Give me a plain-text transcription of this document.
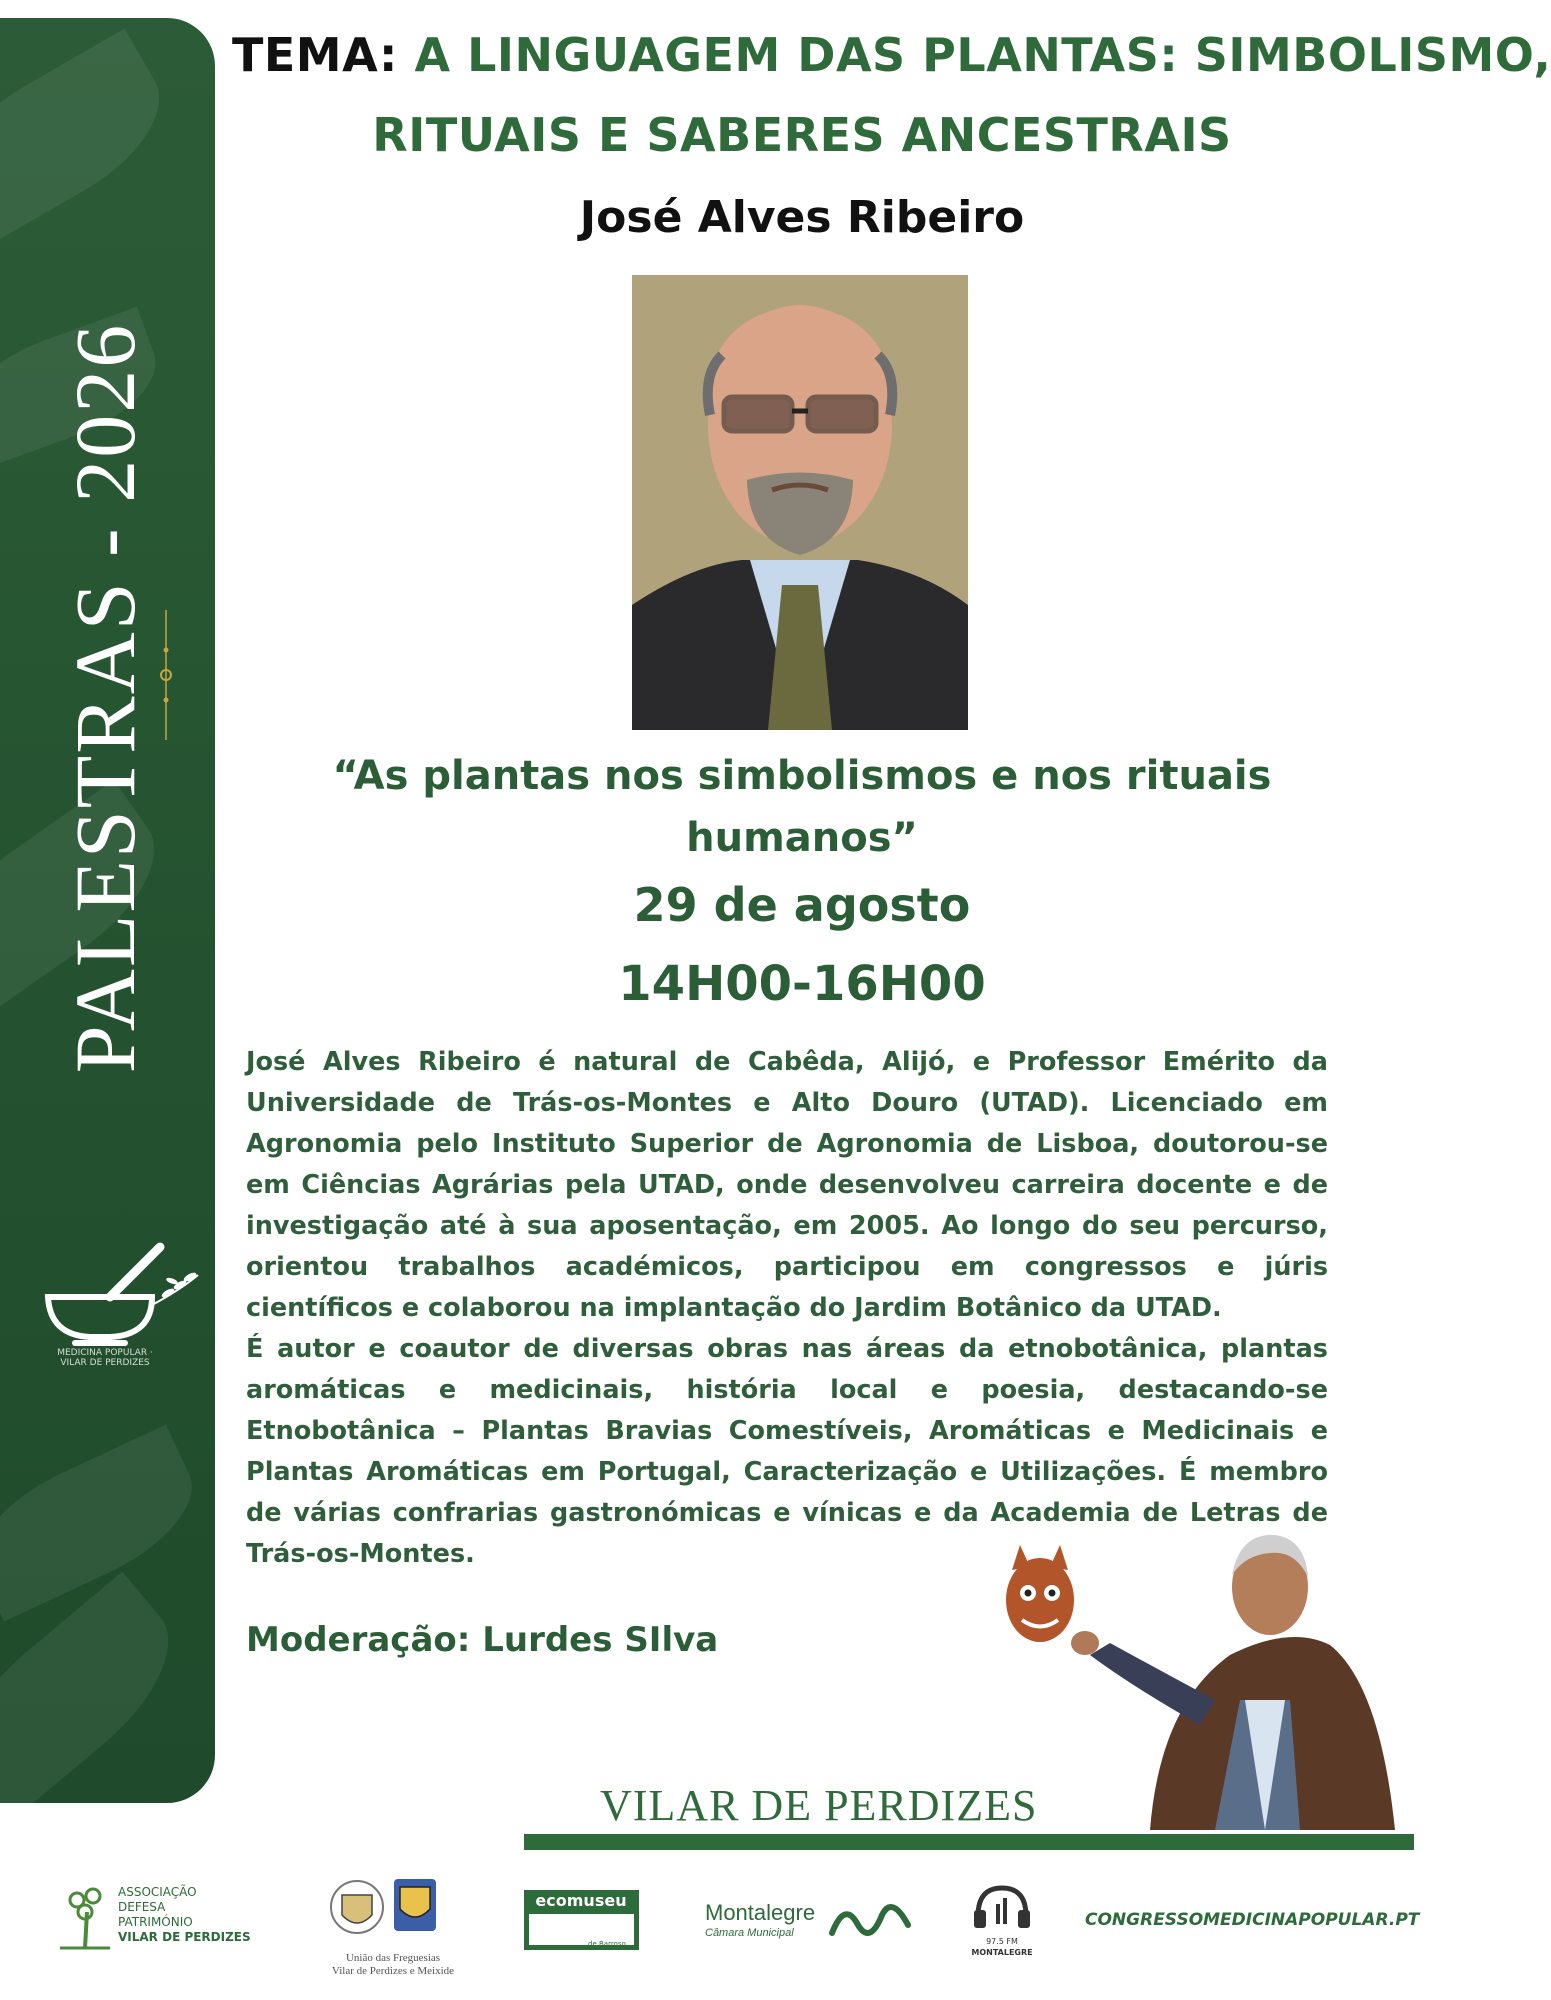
PALESTRAS - 2026
MEDICINA POPULAR · VILAR DE PERDIZES
TEMA: A LINGUAGEM DAS PLANTAS: SIMBOLISMO,
RITUAIS E SABERES ANCESTRAIS
José Alves Ribeiro
“As plantas nos simbolismos e nos rituais humanos”
29 de agosto
14H00-16H00

José Alves Ribeiro é natural de Cabêda, Alijó, e Professor Emérito da Universidade de Trás-os-Montes e Alto Douro (UTAD). Licenciado em Agronomia pelo Instituto Superior de Agronomia de Lisboa, doutorou-se em Ciências Agrárias pela UTAD, onde desenvolveu carreira docente e de investigação até à sua aposentação, em 2005. Ao longo do seu percurso, orientou trabalhos académicos, participou em congressos e júris científicos e colaborou na implantação do Jardim Botânico da UTAD.

É autor e coautor de diversas obras nas áreas da etnobotânica, plantas aromáticas e medicinais, história local e poesia, destacando-se Etnobotânica – Plantas Bravias Comestíveis, Aromáticas e Medicinais e Plantas Aromáticas em Portugal, Caracterização e Utilizações. É membro de várias confrarias gastronómicas e vínicas e da Academia de Letras de Trás-os-Montes.

Moderação: Lurdes SIlva
VILAR DE PERDIZES
ASSOCIAÇÃO
DEFESA
PATRIMÓNIO
VILAR DE PERDIZES
União das Freguesias
Vilar de Perdizes e Meixide
ecomuseu
de Barroso
Montalegre
Câmara Municipal
97.5 FM
MONTALEGRE
CONGRESSOMEDICINAPOPULAR.PT
